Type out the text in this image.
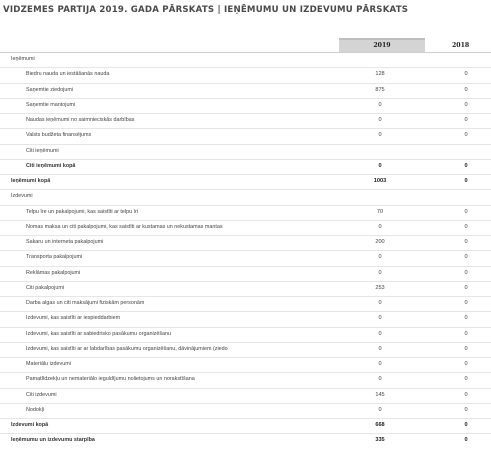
VIDZEMES PARTIJA 2019. GADA PĀRSKATS | IEŅĒMUMU UN IZDEVUMU PĀRSKATS
2019	2018
Ieņēmumi
Biedru nauda un iestāšanās nauda	128	0
Saņemtie ziedojumi	875	0
Saņemtie mantojumi	0	0
Naudas ieņēmumi no saimnieciskās darbības	0	0
Valsts budžeta finansējums	0	0
Citi ieņēmumi
Citi ieņēmumi kopā	0	0
Ieņēmumi kopā	1003	0
Izdevumi
Telpu īre un pakalpojumi, kas saistīti ar telpu īri	70	0
Nomas maksa un citi pakalpojumi, kas saistīti ar kustamas un nekustamas mantas	0	0
Sakaru un interneta pakalpojumi	200	0
Transporta pakalpojumi	0	0
Reklāmas pakalpojumi	0	0
Citi pakalpojumi	253	0
Darba algas un citi maksājumi fiziskām personām	0	0
Izdevumi, kas saistīti ar iespieddarbiem	0	0
Izdevumi, kas saistīti ar sabiedrisko pasākumu organizēšanu	0	0
Izdevumi, kas saistīti ar ar labdarības pasākumu organizēšanu, dāvinājumiem (ziedo	0	0
Materiālu izdevumi	0	0
Pamatlīdzekļu un nemateriālo ieguldījumu nolietojums un norakstīšana	0	0
Citi izdevumi	145	0
Nodokļi	0	0
Izdevumi kopā	668	0
Ieņēmumu un izdevumu starpība	335	0
